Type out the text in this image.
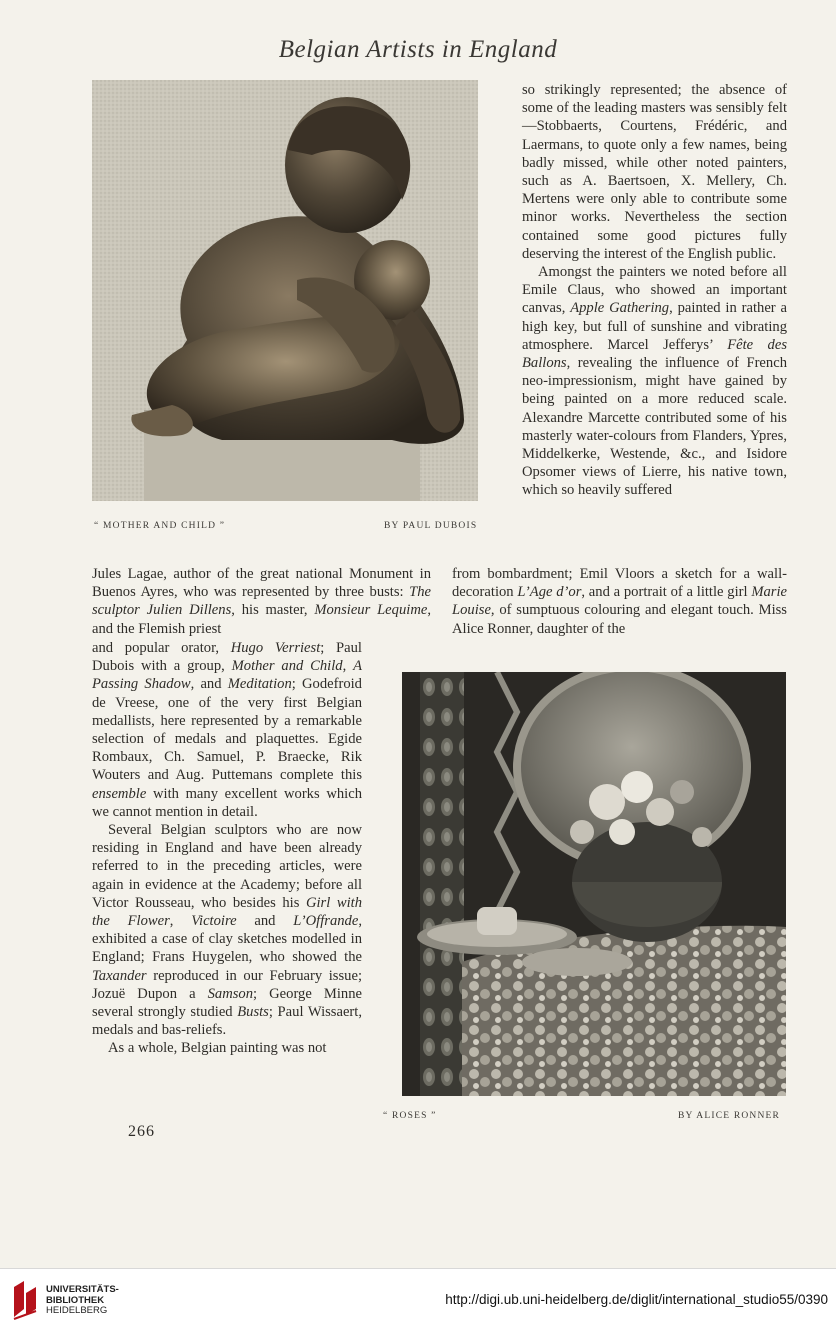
Belgian Artists in England
“ MOTHER AND CHILD ”	BY PAUL DUBOIS

so strikingly represented; the absence of some of the leading masters was sensibly felt—Stobbaerts, Courtens, Frédéric, and Laermans, to quote only a few names, being badly missed, while other noted painters, such as A. Baertsoen, X. Mellery, Ch. Mertens were only able to contribute some minor works. Nevertheless the section contained some good pictures fully deserving the interest of the English public.

Amongst the painters we noted before all Emile Claus, who showed an important canvas, Apple Gathering, painted in rather a high key, but full of sunshine and vibrating atmosphere. Marcel Jefferys’ Fête des Ballons, revealing the influence of French neo-impressionism, might have gained by being painted on a more reduced scale. Alexandre Marcette contributed some of his masterly water-colours from Flanders, Ypres, Middelkerke, Westende, &c., and Isidore Opsomer views of Lierre, his native town, which so heavily suffered

Jules Lagae, author of the great national Monument in Buenos Ayres, who was represented by three busts: The sculptor Julien Dillens, his master, Monsieur Lequime, and the Flemish priest

from bombardment; Emil Vloors a sketch for a wall-decoration L’Age d’or, and a portrait of a little girl Marie Louise, of sumptuous colouring and elegant touch. Miss Alice Ronner, daughter of the

and popular orator, Hugo Verriest; Paul Dubois with a group, Mother and Child, A Passing Shadow, and Meditation; Godefroid de Vreese, one of the very first Belgian medallists, here represented by a remarkable selection of medals and plaquettes. Egide Rombaux, Ch. Samuel, P. Braecke, Rik Wouters and Aug. Puttemans complete this ensemble with many excellent works which we cannot mention in detail.

Several Belgian sculptors who are now residing in England and have been already referred to in the preceding articles, were again in evidence at the Academy; before all Victor Rousseau, who besides his Girl with the Flower, Victoire and L’Offrande, exhibited a case of clay sketches modelled in England; Frans Huygelen, who showed the Taxander reproduced in our February issue; Jozuë Dupon a Samson; George Minne several strongly studied Busts; Paul Wissaert, medals and bas-reliefs.

As a whole, Belgian painting was not

266
“ ROSES ”	BY ALICE RONNER
UNIVERSITÄTS-
BIBLIOTHEK
HEIDELBERG
http://digi.ub.uni-heidelberg.de/diglit/international_studio55/0390
